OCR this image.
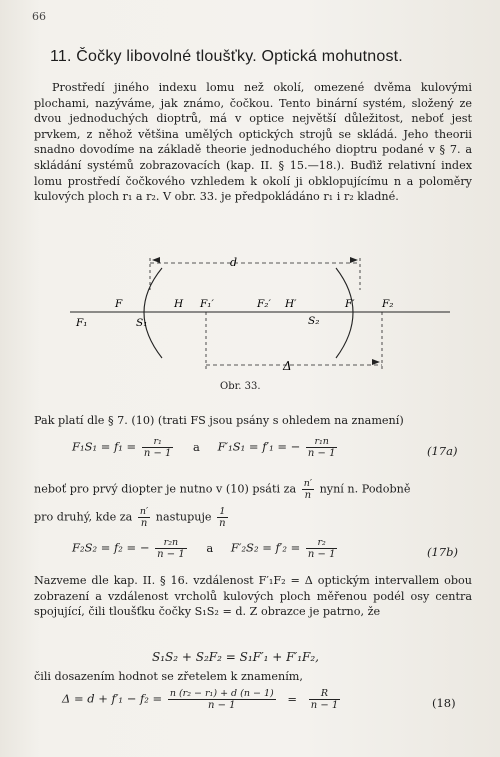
66
11. Čočky libovolné tloušťky. Optická mohutnost.
Prostředí jiného indexu lomu než okolí, omezené dvěma kulovými plochami, nazýváme, jak známo, čočkou. Tento binární systém, složený ze dvou jednoduchých dioptrů, má v optice největší důležitost, neboť jest prvkem, z něhož většina umělých optických strojů se skládá. Jeho theorii snadno dovodíme na základě theorie jednoduchého dioptru podané v § 7. a skládání systémů zobrazovacích (kap. II. § 15.—18.). Buďiž relativní index lomu prostředí čočkového vzhledem k okolí ji obklopujícímu n a poloměry kulových ploch r₁ a r₂. V obr. 33. je předpokládáno r₁ i r₂ kladné.
d
Δ
F	H F₁′	F₂′ H′	F′	F₂
F₁	S₁	S₂
Obr. 33.
Pak platí dle § 7. (10) (trati FS jsou psány s ohledem na znamení)
$F_1S_1 = f_1 = \frac{\text{r₁}}{n - 1}$ a F′₁S₁ = f′₁ = − $\frac{\text{r₁n}}{n - 1}$	(17a)
neboť pro prvý diopter je nutno v (10) psáti za $\frac{n'}{n}$ nyní n. Podobně
pro druhý, kde za $\frac{n'}{n}$ nastupuje $\frac{1}{n}$
F₂S₂ = f₂ = − $\frac{\text{r₂n}}{n - 1}$ a $F'_2S_2 = f'_2 = \frac{\text{r₂}}{n - 1}$	(17b)
Nazveme dle kap. II. § 16. vzdálenost F′₁F₂ = Δ optickým intervallem obou zobrazení a vzdálenost vrcholů kulových ploch měřenou podél osy centra spojující, čili tloušťku čočky S₁S₂ = d. Z obrazce je patrno, že
S₁S₂ + S₂F₂ = S₁F′₁ + F′₁F₂,
čili dosazením hodnot se zřetelem k znamením,
$\Delta = d + f'_1 - f_2 = \frac{\text{n (r₂ − r₁) + d (n − 1)}}{n - 1} = \frac{R}{n - 1}$	(18)
